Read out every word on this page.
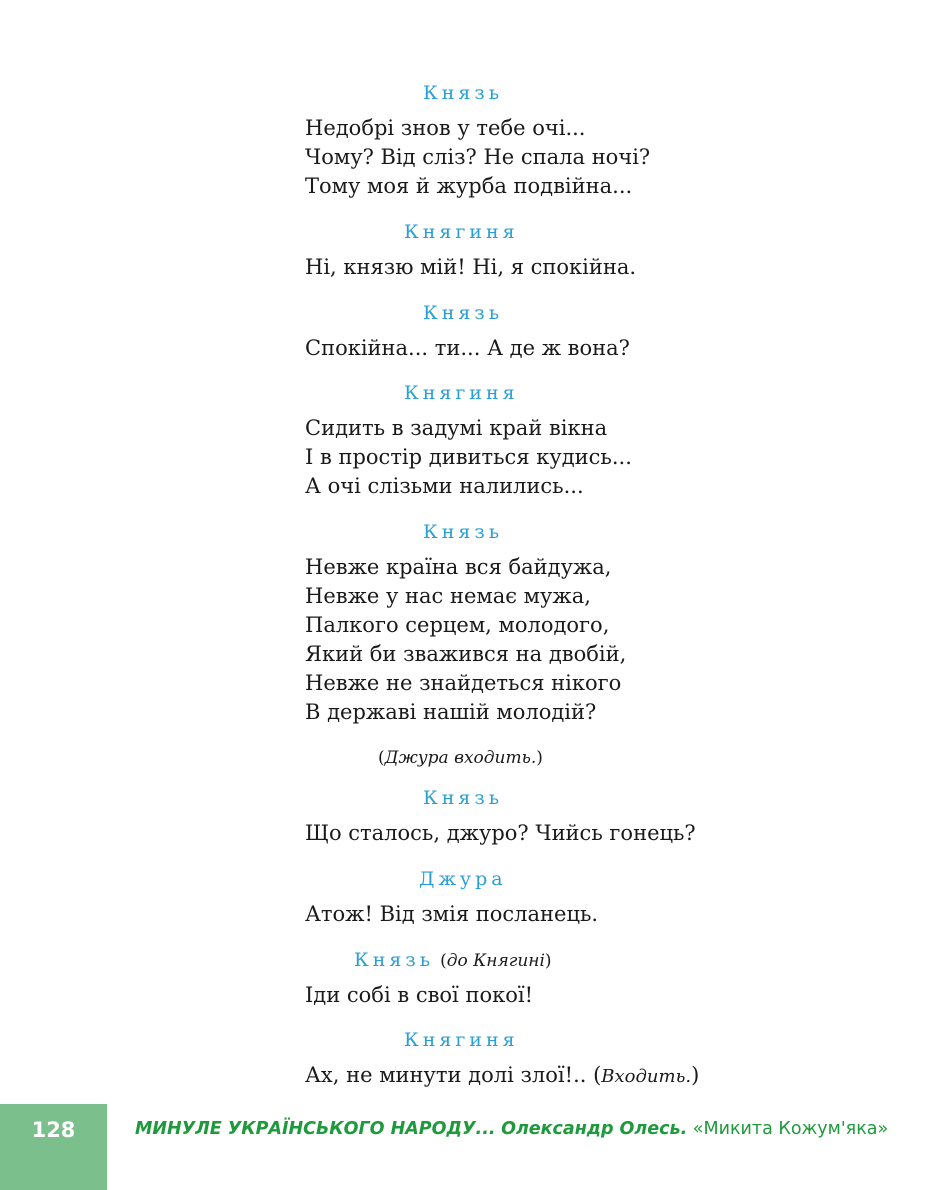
Князь
Недобрі знов у тебе очі...
Чому? Від сліз? Не спала ночі?
Тому моя й журба подвійна...
Княгиня
Ні, князю мій! Ні, я спокійна.
Князь
Спокійна... ти... А де ж вона?
Княгиня
Сидить в задумі край вікна
І в простір дивиться кудись...
А очі слізьми налились...
Князь
Невже країна вся байдужа,
Невже у нас немає мужа,
Палкого серцем, молодого,
Який би зважився на двобій,
Невже не знайдеться нікого
В державі нашій молодій?
(Джура входить.)
Князь
Що сталось, джуро? Чийсь гонець?
Джура
Атож! Від змія посланець.
Князь (до Княгині)
Іди собі в свої покої!
Княгиня
Ах, не минути долі злої!.. (Входить.)
128	МИНУЛЕ УКРАЇНСЬКОГО НАРОДУ... Олександр Олесь. «Микита Кожум'яка»
